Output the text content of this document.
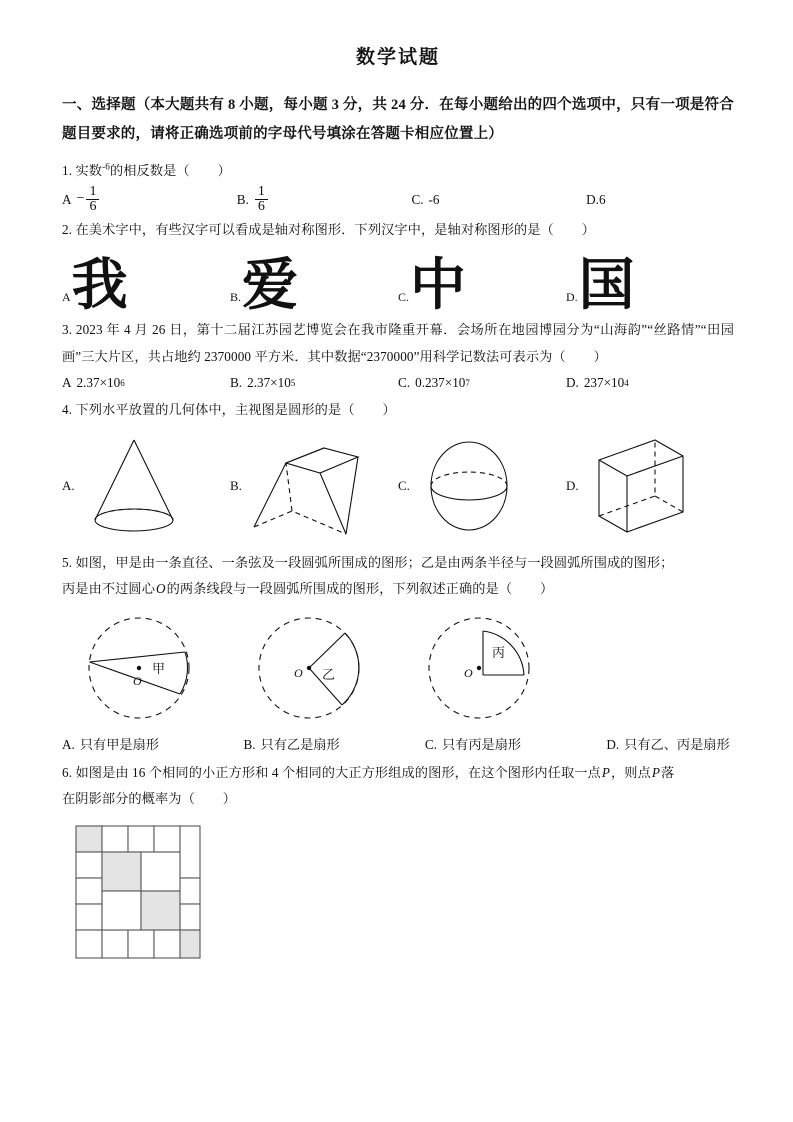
数学试题
一、选择题（本大题共有 8 小题，每小题 3 分，共 24 分．在每小题给出的四个选项中，只有一项是符合题目要求的，请将正确选项前的字母代号填涂在答题卡相应位置上）
1. 实数$^{-6}$的相反数是（ ）
$A - \frac{1}{6}$	B. $\frac{1}{6}$	C. -6	D.6
2. 在美术字中，有些汉字可以看成是轴对称图形．下列汉字中，是轴对称图形的是（ ）
A 我	B. 爱	C. 中	D. 国
3. 2023 年 4 月 26 日，第十二届江苏园艺博览会在我市隆重开幕．会场所在地园博园分为“山海韵”“丝路情”“田园画”三大片区，共占地约 2370000 平方米．其中数据“2370000”用科学记数法可表示为（ ）
A 2.37 × 10 6	B. 2.37 × 10 5	C. 0.237 × 10 7	D. 237 × 10 4
4. 下列水平放置的几何体中，主视图是圆形的是（ ）
A.	B.	C.	D.
5. 如图，甲是由一条直径、一条弦及一段圆弧所围成的图形；乙是由两条半径与一段圆弧所围成的图形；
丙是由不过圆心O的两条线段与一段圆弧所围成的图形，下列叙述正确的是（ ）
O
甲	O 乙	O
丙
A. 只有甲是扇形	B. 只有乙是扇形	C. 只有丙是扇形	D. 只有乙、丙是扇形
6. 如图是由 16 个相同的小正方形和 4 个相同的大正方形组成的图形，在这个图形内任取一点P，则点P落
在阴影部分的概率为（ ）
